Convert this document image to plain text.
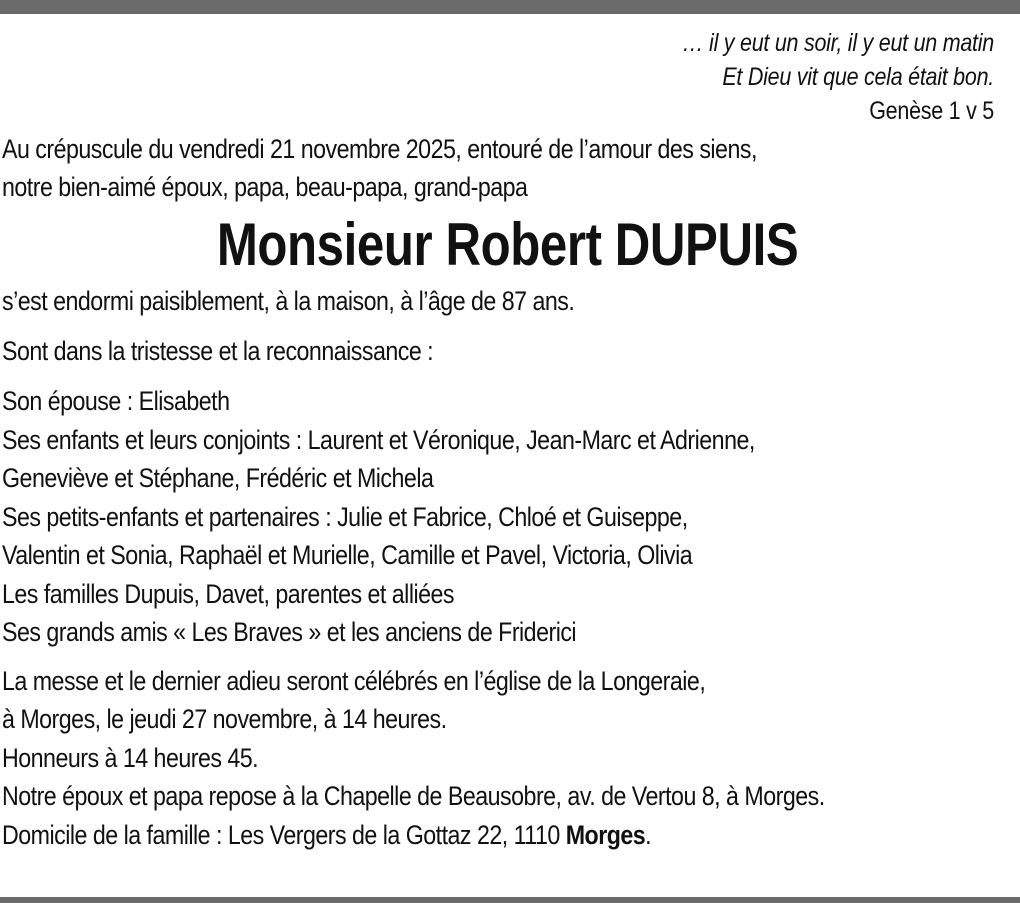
… il y eut un soir, il y eut un matin
Et Dieu vit que cela était bon.
Genèse 1 v 5
Au crépuscule du vendredi 21 novembre 2025, entouré de l’amour des siens,
notre bien-aimé époux, papa, beau-papa, grand-papa
Monsieur Robert DUPUIS
s’est endormi paisiblement, à la maison, à l’âge de 87 ans.
Sont dans la tristesse et la reconnaissance :
Son épouse : Elisabeth
Ses enfants et leurs conjoints : Laurent et Véronique, Jean-Marc et Adrienne,
Geneviève et Stéphane, Frédéric et Michela
Ses petits-enfants et partenaires : Julie et Fabrice, Chloé et Guiseppe,
Valentin et Sonia, Raphaël et Murielle, Camille et Pavel, Victoria, Olivia
Les familles Dupuis, Davet, parentes et alliées
Ses grands amis « Les Braves » et les anciens de Friderici
La messe et le dernier adieu seront célébrés en l’église de la Longeraie,
à Morges, le jeudi 27 novembre, à 14 heures.
Honneurs à 14 heures 45.
Notre époux et papa repose à la Chapelle de Beausobre, av. de Vertou 8, à Morges.
Domicile de la famille : Les Vergers de la Gottaz 22, 1110 Morges.
